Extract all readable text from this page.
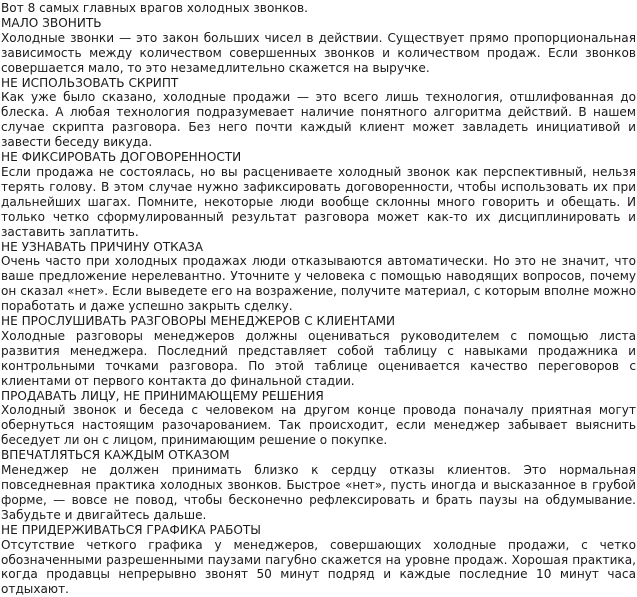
Вот 8 самых главных врагов холодных звонков.

МАЛО ЗВОНИТЬ

Холодные звонки — это закон больших чисел в действии. Существует прямо пропорциональная зависимость между количеством совершенных звонков и количеством продаж. Если звонков совершается мало, то это незамедлительно скажется на выручке.

НЕ ИСПОЛЬЗОВАТЬ СКРИПТ

Как уже было сказано, холодные продажи — это всего лишь технология, отшлифованная до блеска. А любая технология подразумевает наличие понятного алгоритма действий. В нашем случае скрипта разговора. Без него почти каждый клиент может завладеть инициативой и завести беседу викуда.

НЕ ФИКСИРОВАТЬ ДОГОВОРЕННОСТИ

Если продажа не состоялась, но вы расцениваете холодный звонок как перспективный, нельзя терять голову. В этом случае нужно зафиксировать договоренности, чтобы использовать их при дальнейших шагах. Помните, некоторые люди вообще склонны много говорить и обещать. И только четко сформулированный результат разговора может как-то их дисциплинировать и заставить заплатить.

НЕ УЗНАВАТЬ ПРИЧИНУ ОТКАЗА

Очень часто при холодных продажах люди отказываются автоматически. Но это не значит, что ваше предложение нерелевантно. Уточните у человека с помощью наводящих вопросов, почему он сказал «нет». Если выведете его на возражение, получите материал, с которым вполне можно поработать и даже успешно закрыть сделку.

НЕ ПРОСЛУШИВАТЬ РАЗГОВОРЫ МЕНЕДЖЕРОВ С КЛИЕНТАМИ

Холодные разговоры менеджеров должны оцениваться руководителем с помощью листа развития менеджера. Последний представляет собой таблицу с навыками продажника и контрольными точками разговора. По этой таблице оценивается качество переговоров с клиентами от первого контакта до финальной стадии.

ПРОДАВАТЬ ЛИЦУ, НЕ ПРИНИМАЮЩЕМУ РЕШЕНИЯ

Холодный звонок и беседа с человеком на другом конце провода поначалу приятная могут обернуться настоящим разочарованием. Так происходит, если менеджер забывает выяснить беседует ли он с лицом, принимающим решение о покупке.

ВПЕЧАТЛЯТЬСЯ КАЖДЫМ ОТКАЗОМ

Менеджер не должен принимать близко к сердцу отказы клиентов. Это нормальная повседневная практика холодных звонков. Быстрое «нет», пусть иногда и высказанное в грубой форме, — вовсе не повод, чтобы бесконечно рефлексировать и брать паузы на обдумывание. Забудьте и двигайтесь дальше.

НЕ ПРИДЕРЖИВАТЬСЯ ГРАФИКА РАБОТЫ

Отсутствие четкого графика у менеджеров, совершающих холодные продажи, с четко обозначенными разрешенными паузами пагубно скажется на уровне продаж. Хорошая практика, когда продавцы непрерывно звонят 50 минут подряд и каждые последние 10 минут часа отдыхают.
